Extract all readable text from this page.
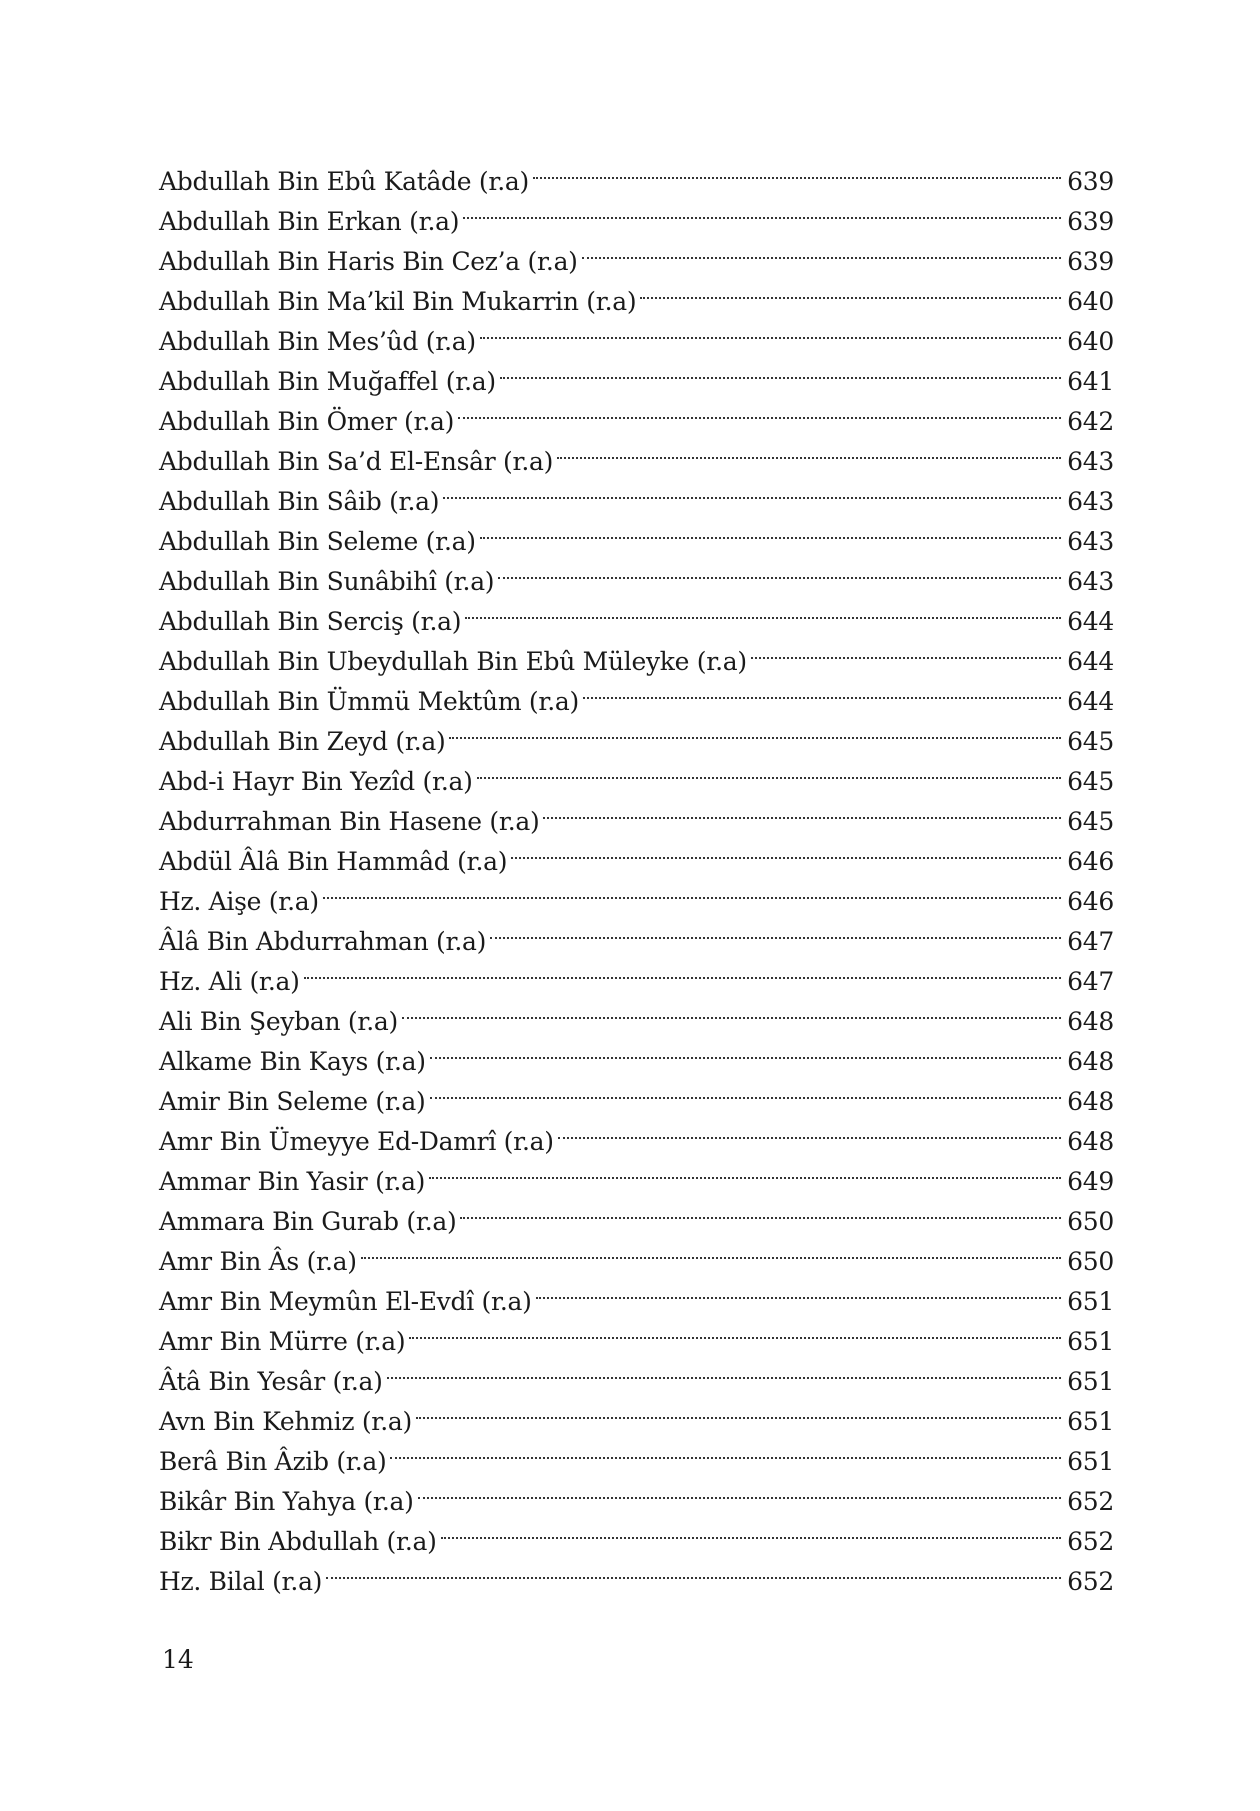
Abdullah Bin Ebû Katâde (r.a)	639
Abdullah Bin Erkan (r.a)	639
Abdullah Bin Haris Bin Cez’a (r.a)	639
Abdullah Bin Ma’kil Bin Mukarrin (r.a)	640
Abdullah Bin Mes’ûd (r.a)	640
Abdullah Bin Muğaffel (r.a)	641
Abdullah Bin Ömer (r.a)	642
Abdullah Bin Sa’d El-Ensâr (r.a)	643
Abdullah Bin Sâib (r.a)	643
Abdullah Bin Seleme (r.a)	643
Abdullah Bin Sunâbihî (r.a)	643
Abdullah Bin Serciş (r.a)	644
Abdullah Bin Ubeydullah Bin Ebû Müleyke (r.a)	644
Abdullah Bin Ümmü Mektûm (r.a)	644
Abdullah Bin Zeyd (r.a)	645
Abd-i Hayr Bin Yezîd (r.a)	645
Abdurrahman Bin Hasene (r.a)	645
Abdül Âlâ Bin Hammâd (r.a)	646
Hz. Aişe (r.a)	646
Âlâ Bin Abdurrahman (r.a)	647
Hz. Ali (r.a)	647
Ali Bin Şeyban (r.a)	648
Alkame Bin Kays (r.a)	648
Amir Bin Seleme (r.a)	648
Amr Bin Ümeyye Ed-Damrî (r.a)	648
Ammar Bin Yasir (r.a)	649
Ammara Bin Gurab (r.a)	650
Amr Bin Âs (r.a)	650
Amr Bin Meymûn El-Evdî (r.a)	651
Amr Bin Mürre (r.a)	651
Âtâ Bin Yesâr (r.a)	651
Avn Bin Kehmiz (r.a)	651
Berâ Bin Âzib (r.a)	651
Bikâr Bin Yahya (r.a)	652
Bikr Bin Abdullah (r.a)	652
Hz. Bilal (r.a)	652
14
